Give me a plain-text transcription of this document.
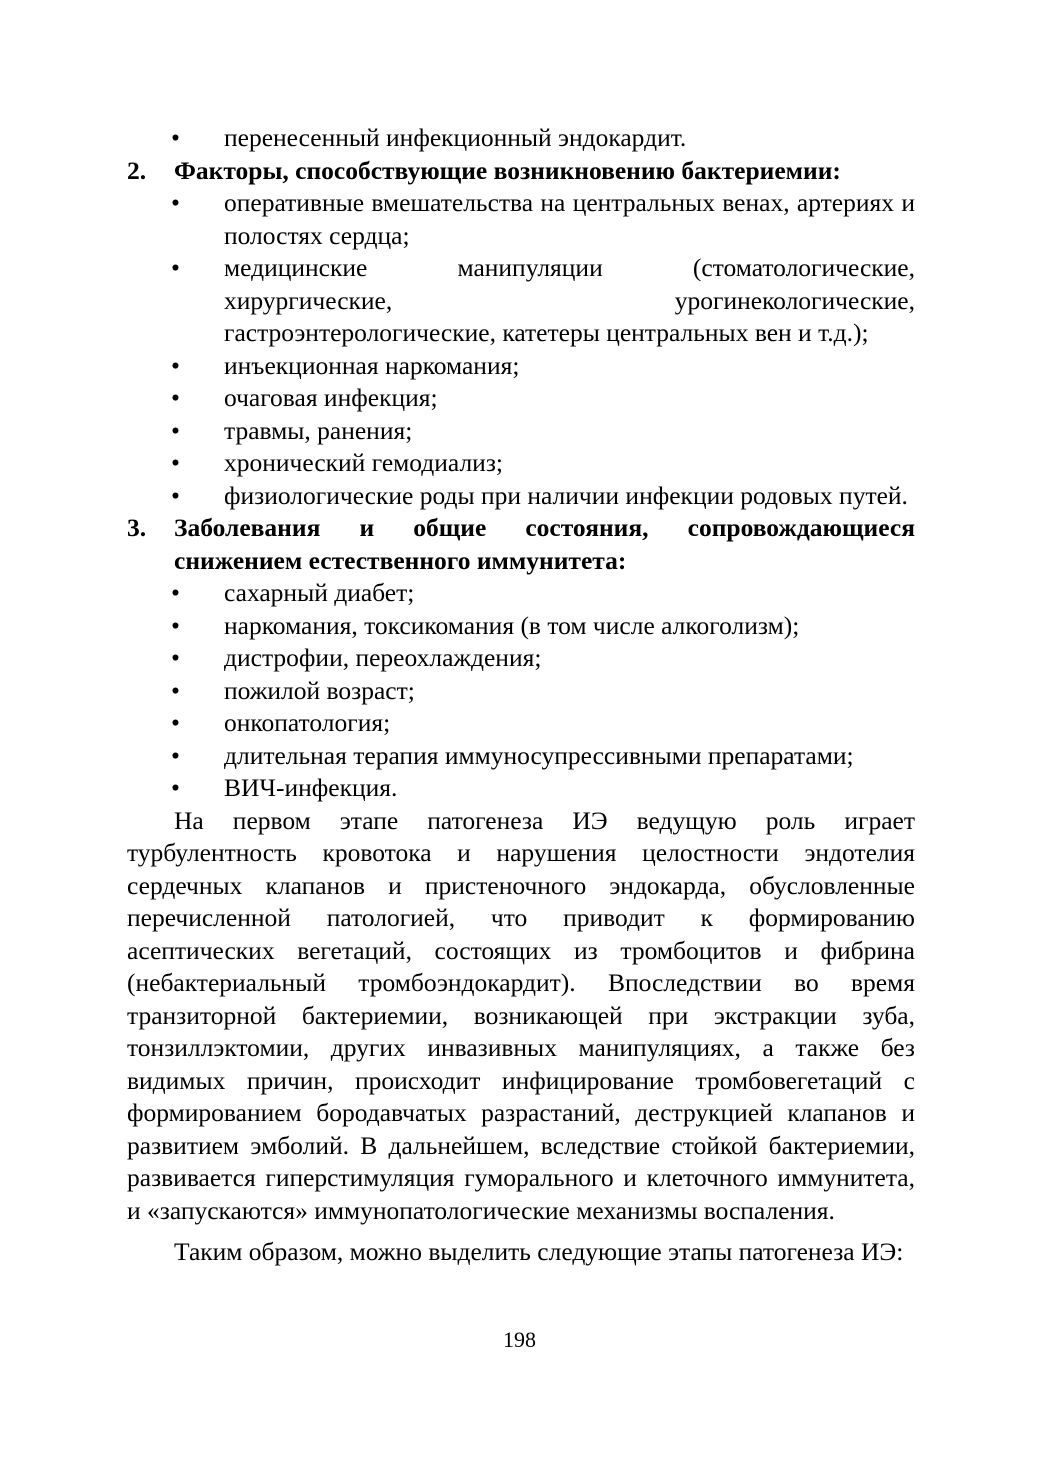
• перенесенный инфекционный эндокардит.
2. Факторы, способствующие возникновению бактериемии:
• оперативные вмешательства на центральных венах, артериях и полостях сердца;
• медицинские манипуляции (стоматологические, хирургические, урогинекологические, гастроэнтерологические, катетеры центральных вен и т.д.);
• инъекционная наркомания;
• очаговая инфекция;
• травмы, ранения;
• хронический гемодиализ;
• физиологические роды при наличии инфекции родовых путей.
3. Заболевания и общие состояния, сопровождающиеся снижением естественного иммунитета:
• сахарный диабет;
• наркомания, токсикомания (в том числе алкоголизм);
• дистрофии, переохлаждения;
• пожилой возраст;
• онкопатология;
• длительная терапия иммуносупрессивными препаратами;
• ВИЧ-инфекция.

На первом этапе патогенеза ИЭ ведущую роль играет турбулентность кровотока и нарушения целостности эндотелия сердечных клапанов и пристеночного эндокарда, обусловленные перечисленной патологией, что приводит к формированию асептических вегетаций, состоящих из тромбоцитов и фибрина (небактериальный тромбоэндокардит). Впоследствии во время транзиторной бактериемии, возникающей при экстракции зуба, тонзиллэктомии, других инвазивных манипуляциях, а также без видимых причин, происходит инфицирование тромбовегетаций с формированием бородавчатых разрастаний, деструкцией клапанов и развитием эмболий. В дальнейшем, вследствие стойкой бактериемии, развивается гиперстимуляция гуморального и клеточного иммунитета, и «запускаются» иммунопатологические механизмы воспаления.

Таким образом, можно выделить следующие этапы патогенеза ИЭ:

198
